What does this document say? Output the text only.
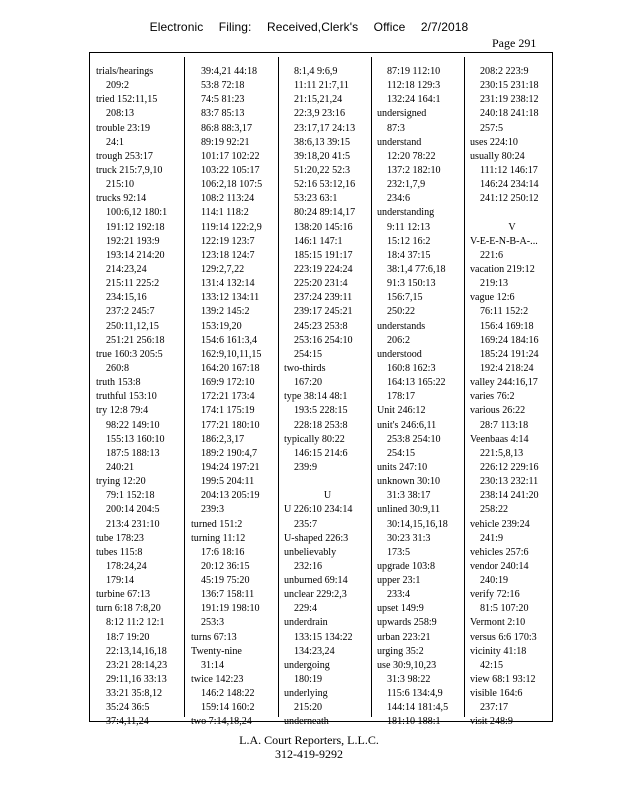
Electronic Filing: Received,Clerk's Office 2/7/2018
Page 291
trials/hearings
209:2
tried 152:11,15
208:13
trouble 23:19
24:1
trough 253:17
truck 215:7,9,10
215:10
trucks 92:14
100:6,12 180:1
191:12 192:18
192:21 193:9
193:14 214:20
214:23,24
215:11 225:2
234:15,16
237:2 245:7
250:11,12,15
251:21 256:18
true 160:3 205:5
260:8
truth 153:8
truthful 153:10
try 12:8 79:4
98:22 149:10
155:13 160:10
187:5 188:13
240:21
trying 12:20
79:1 152:18
200:14 204:5
213:4 231:10
tube 178:23
tubes 115:8
178:24,24
179:14
turbine 67:13
turn 6:18 7:8,20
8:12 11:2 12:1
18:7 19:20
22:13,14,16,18
23:21 28:14,23
29:11,16 33:13
33:21 35:8,12
35:24 36:5
37:4,11,24
39:4,21 44:18
53:8 72:18
74:5 81:23
83:7 85:13
86:8 88:3,17
89:19 92:21
101:17 102:22
103:22 105:17
106:2,18 107:5
108:2 113:24
114:1 118:2
119:14 122:2,9
122:19 123:7
123:18 124:7
129:2,7,22
131:4 132:14
133:12 134:11
139:2 145:2
153:19,20
154:6 161:3,4
162:9,10,11,15
164:20 167:18
169:9 172:10
172:21 173:4
174:1 175:19
177:21 180:10
186:2,3,17
189:2 190:4,7
194:24 197:21
199:5 204:11
204:13 205:19
239:3
turned 151:2
turning 11:12
17:6 18:16
20:12 36:15
45:19 75:20
136:7 158:11
191:19 198:10
253:3
turns 67:13
Twenty-nine
31:14
twice 142:23
146:2 148:22
159:14 160:2
two 7:14,18,24
8:1,4 9:6,9
11:11 21:7,11
21:15,21,24
22:3,9 23:16
23:17,17 24:13
38:6,13 39:15
39:18,20 41:5
51:20,22 52:3
52:16 53:12,16
53:23 63:1
80:24 89:14,17
138:20 145:16
146:1 147:1
185:15 191:17
223:19 224:24
225:20 231:4
237:24 239:11
239:17 245:21
245:23 253:8
253:16 254:10
254:15
two-thirds
167:20
type 38:14 48:1
193:5 228:15
228:18 253:8
typically 80:22
146:15 214:6
239:9
U
U 226:10 234:14
235:7
U-shaped 226:3
unbelievably
232:16
unburned 69:14
unclear 229:2,3
229:4
underdrain
133:15 134:22
134:23,24
undergoing
180:19
underlying
215:20
underneath
87:19 112:10
112:18 129:3
132:24 164:1
undersigned
87:3
understand
12:20 78:22
137:2 182:10
232:1,7,9
234:6
understanding
9:11 12:13
15:12 16:2
18:4 37:15
38:1,4 77:6,18
91:3 150:13
156:7,15
250:22
understands
206:2
understood
160:8 162:3
164:13 165:22
178:17
Unit 246:12
unit's 246:6,11
253:8 254:10
254:15
units 247:10
unknown 30:10
31:3 38:17
unlined 30:9,11
30:14,15,16,18
30:23 31:3
173:5
upgrade 103:8
upper 23:1
233:4
upset 149:9
upwards 258:9
urban 223:21
urging 35:2
use 30:9,10,23
31:3 98:22
115:6 134:4,9
144:14 181:4,5
181:10 188:1
208:2 223:9
230:15 231:18
231:19 238:12
240:18 241:18
257:5
uses 224:10
usually 80:24
111:12 146:17
146:24 234:14
241:12 250:12
V
V-E-E-N-B-A-...
221:6
vacation 219:12
219:13
vague 12:6
76:11 152:2
156:4 169:18
169:24 184:16
185:24 191:24
192:4 218:24
valley 244:16,17
varies 76:2
various 26:22
28:7 113:18
Veenbaas 4:14
221:5,8,13
226:12 229:16
230:13 232:11
238:14 241:20
258:22
vehicle 239:24
241:9
vehicles 257:6
vendor 240:14
240:19
verify 72:16
81:5 107:20
Vermont 2:10
versus 6:6 170:3
vicinity 41:18
42:15
view 68:1 93:12
visible 164:6
237:17
visit 248:9
L.A. Court Reporters, L.L.C.
312-419-9292
